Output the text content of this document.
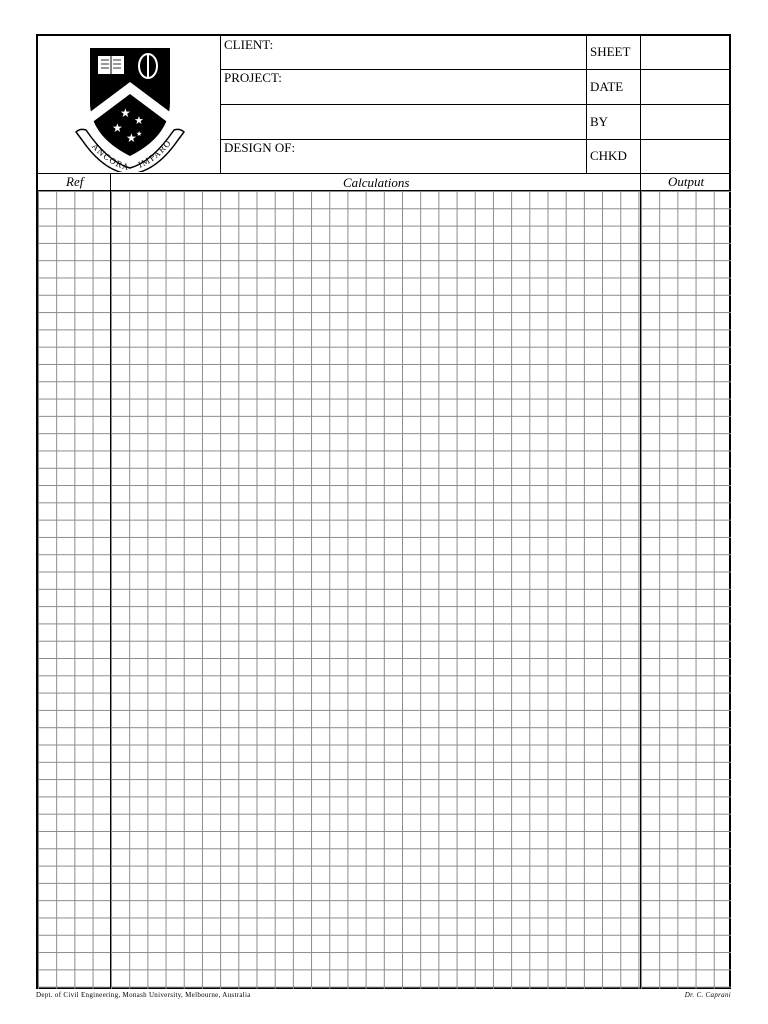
★
★
★
★ ★
ANCORA · IMPARO
CLIENT:
PROJECT:
DESIGN OF:
SHEET
DATE
BY
CHKD
Ref	Calculations	Output
Dept. of Civil Engineering, Monash University, Melbourne, Australia	Dr. C. Caprani
